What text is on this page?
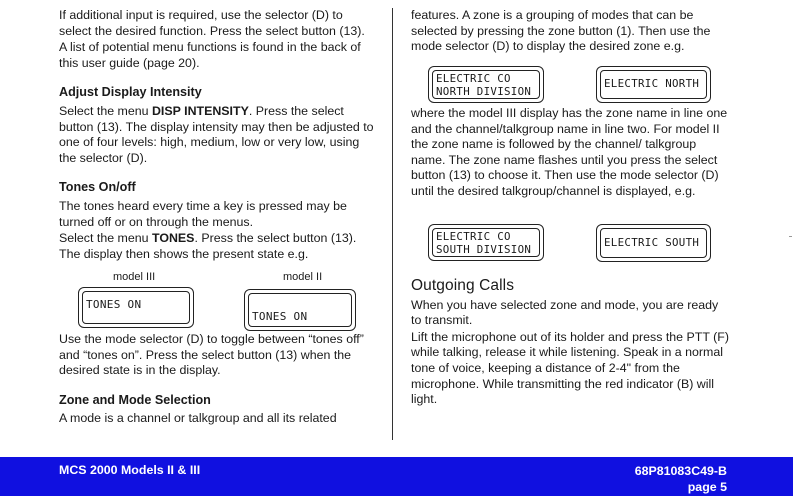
If additional input is required, use the selector (D) to select the desired function. Press the select button (13).

A list of potential menu functions is found in the back of this user guide (page 20).

Adjust Display Intensity

Select the menu DISP INTENSITY. Press the select button (13). The display intensity may then be adjusted to one of four levels: high, medium, low or very low, using the selector (D).

Tones On/off

The tones heard every time a key is pressed may be turned off or on through the menus.

Select the menu TONES. Press the select button (13). The display then shows the present state e.g.

model III	model II
TONES ON
TONES ON

Use the mode selector (D) to toggle between “tones off” and “tones on”. Press the select button (13) when the desired state is in the display.

Zone and Mode Selection

A mode is a channel or talkgroup and all its related

features. A zone is a grouping of modes that can be selected by pressing the zone button (1). Then use the mode selector (D) to display the desired zone e.g.

ELECTRIC CO
NORTH DIVISION
ELECTRIC NORTH

where the model III display has the zone name in line one and the channel/talkgroup name in line two. For model II the zone name is followed by the channel/ talkgroup name. The zone name flashes until you press the select button (13) to choose it. Then use the mode selector (D) until the desired talkgroup/channel is displayed, e.g.

ELECTRIC CO
SOUTH DIVISION
ELECTRIC SOUTH
Outgoing Calls

When you have selected zone and mode, you are ready to transmit.

Lift the microphone out of its holder and press the PTT (F) while talking, release it while listening. Speak in a normal tone of voice, keeping a distance of 2-4" from the microphone. While transmitting the red indicator (B) will light.

MCS 2000 Models II & III	68P81083C49-B
page 5
